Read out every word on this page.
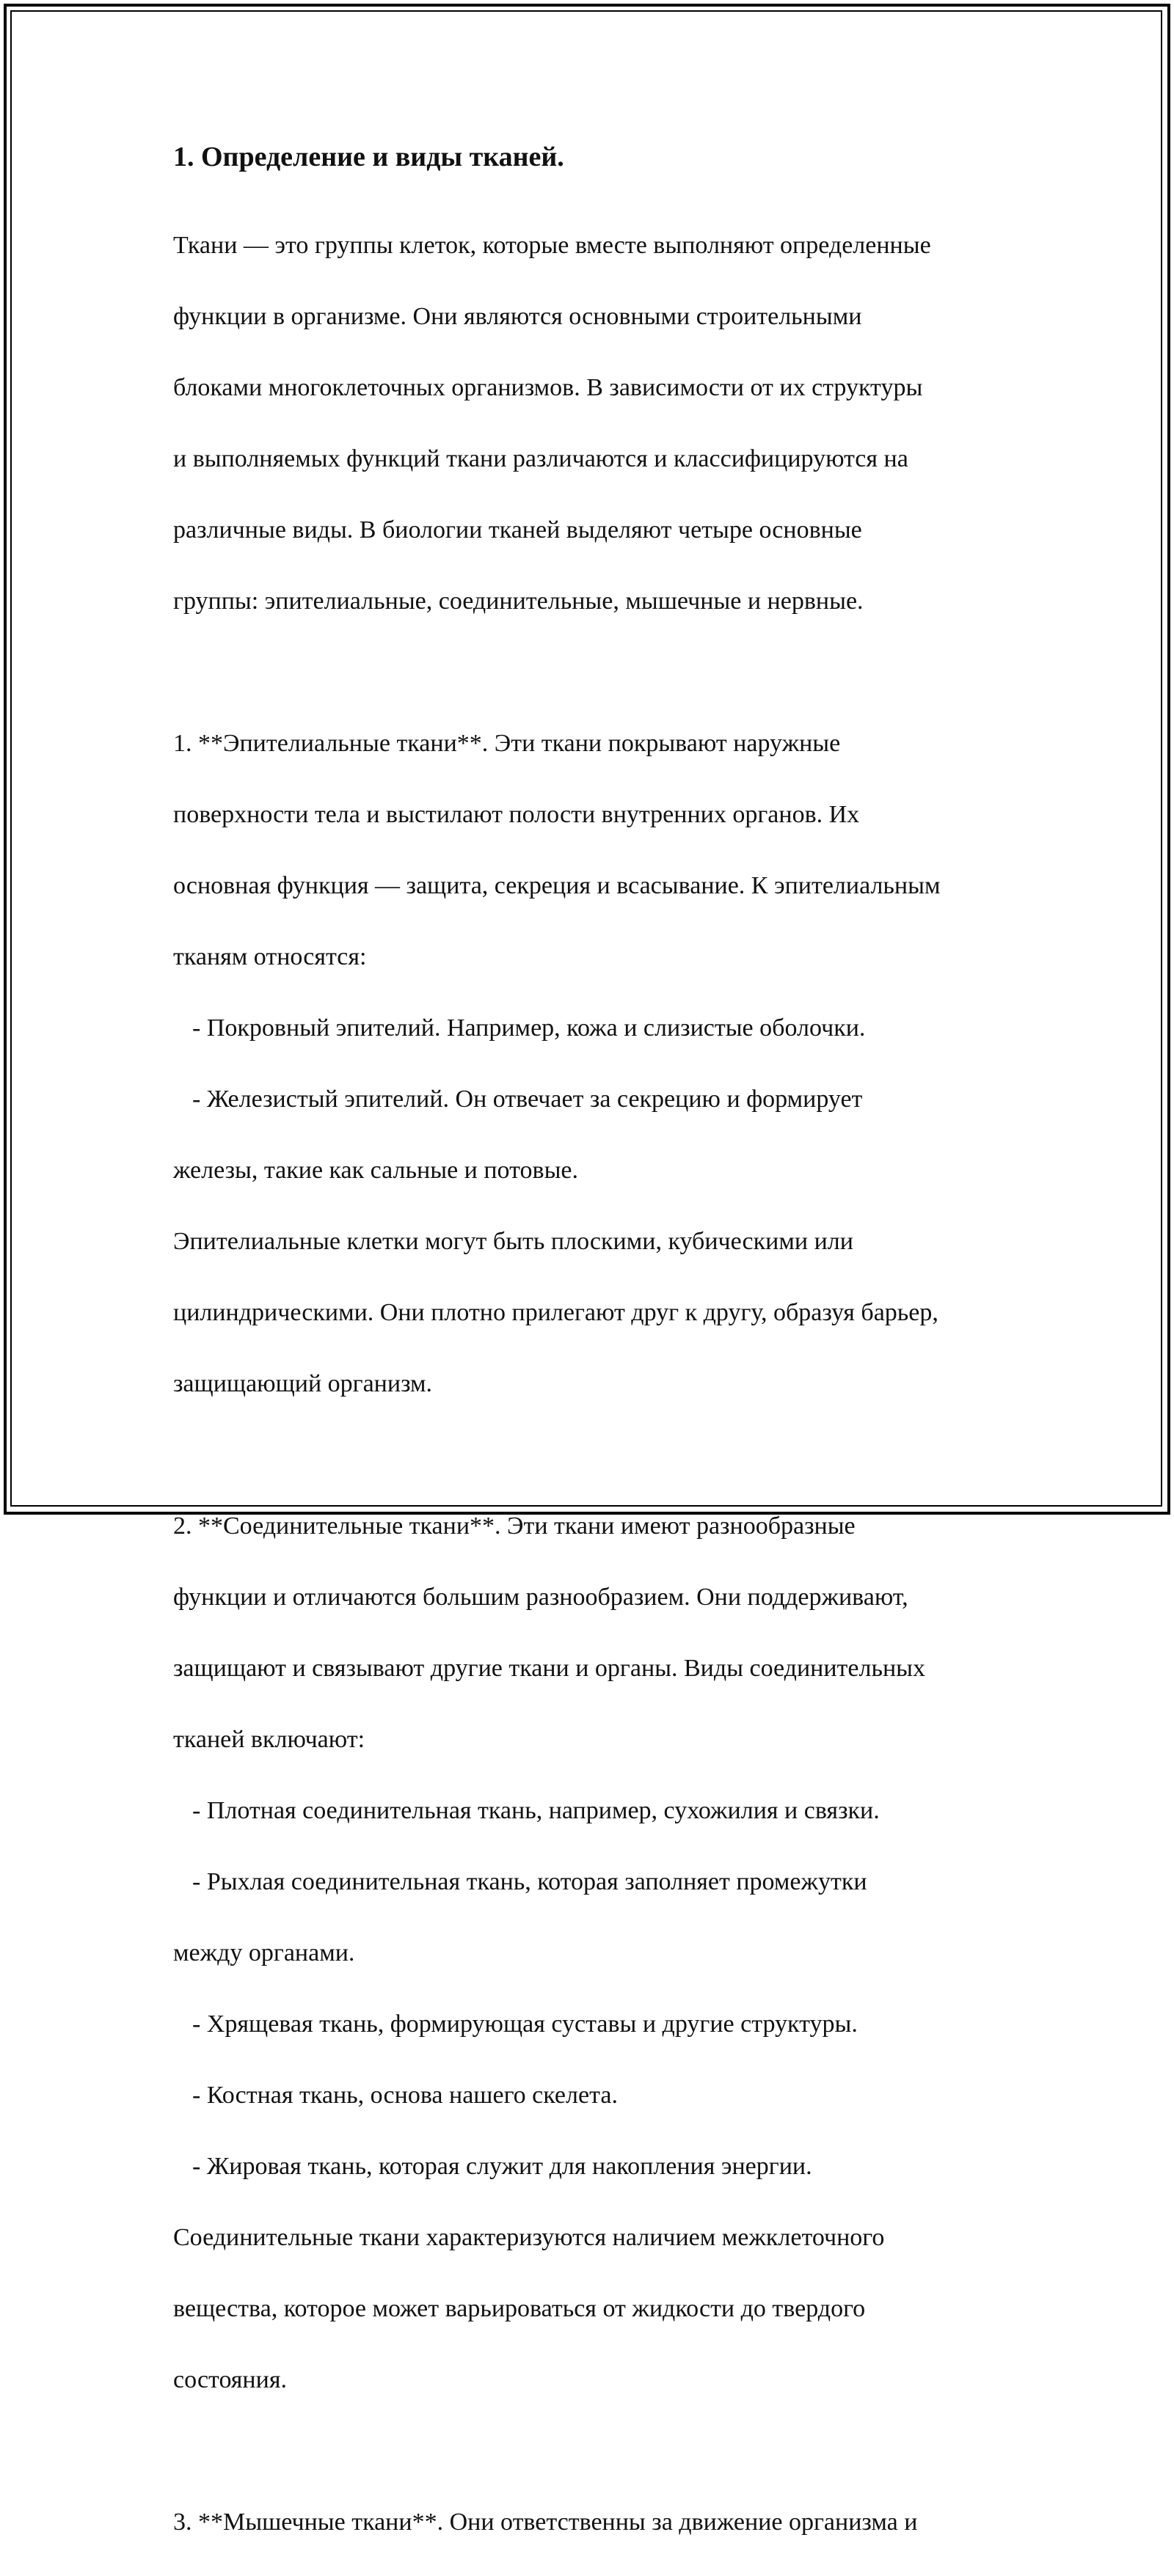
1. Определение и виды тканей.

Ткани — это группы клеток, которые вместе выполняют определенные

функции в организме. Они являются основными строительными

блоками многоклеточных организмов. В зависимости от их структуры

и выполняемых функций ткани различаются и классифицируются на

различные виды. В биологии тканей выделяют четыре основные

группы: эпителиальные, соединительные, мышечные и нервные.

1. **Эпителиальные ткани**. Эти ткани покрывают наружные

поверхности тела и выстилают полости внутренних органов. Их

основная функция — защита, секреция и всасывание. К эпителиальным

тканям относятся:

- Покровный эпителий. Например, кожа и слизистые оболочки.

- Железистый эпителий. Он отвечает за секрецию и формирует

железы, такие как сальные и потовые.

Эпителиальные клетки могут быть плоскими, кубическими или

цилиндрическими. Они плотно прилегают друг к другу, образуя барьер,

защищающий организм.

2. **Соединительные ткани**. Эти ткани имеют разнообразные

функции и отличаются большим разнообразием. Они поддерживают,

защищают и связывают другие ткани и органы. Виды соединительных

тканей включают:

- Плотная соединительная ткань, например, сухожилия и связки.

- Рыхлая соединительная ткань, которая заполняет промежутки

между органами.

- Хрящевая ткань, формирующая суставы и другие структуры.

- Костная ткань, основа нашего скелета.

- Жировая ткань, которая служит для накопления энергии.

Соединительные ткани характеризуются наличием межклеточного

вещества, которое может варьироваться от жидкости до твердого

состояния.

3. **Мышечные ткани**. Они ответственны за движение организма и
